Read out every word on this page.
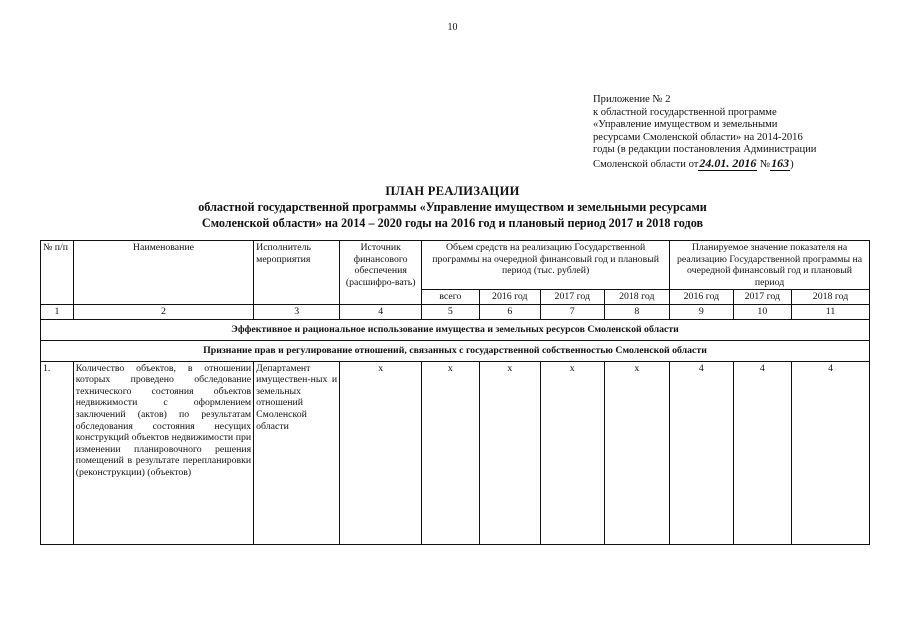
10
Приложение № 2
к областной государственной программе
«Управление имуществом и земельными
ресурсами Смоленской области» на 2014-2016
годы (в редакции постановления Администрации
Смоленской области от24.01. 2016 №163)
ПЛАН РЕАЛИЗАЦИИ
областной государственной программы «Управление имуществом и земельными ресурсами
Смоленской области» на 2014 – 2020 годы на 2016 год и плановый период 2017 и 2018 годов
№ п/п	Наименование	Исполнитель мероприятия	Источник финансового обеспечения (расшифро-вать)	Объем средств на реализацию Государственной программы на очередной финансовый год и плановый период (тыс. рублей)				Планируемое значение показателя на реализацию Государственной программы на очередной финансовый год и плановый период		
				всего	2016 год	2017 год	2018 год	2016 год	2017 год	2018 год
1	2	3	4	5	6	7	8	9	10	11
Эффективное и рациональное использование имущества и земельных ресурсов Смоленской области										
Признание прав и регулирование отношений, связанных с государственной собственностью Смоленской области										
1.	Количество объектов, в отношении которых проведено обследование технического состояния объектов недвижимости с оформлением заключений (актов) по результатам обследования состояния несущих конструкций объектов недвижимости при изменении планировочного решения помещений в результате перепланировки (реконструкции) (объектов)	Департамент имуществен-ных и земельных отношений Смоленской области	х	х	х	х	х	4	4	4
